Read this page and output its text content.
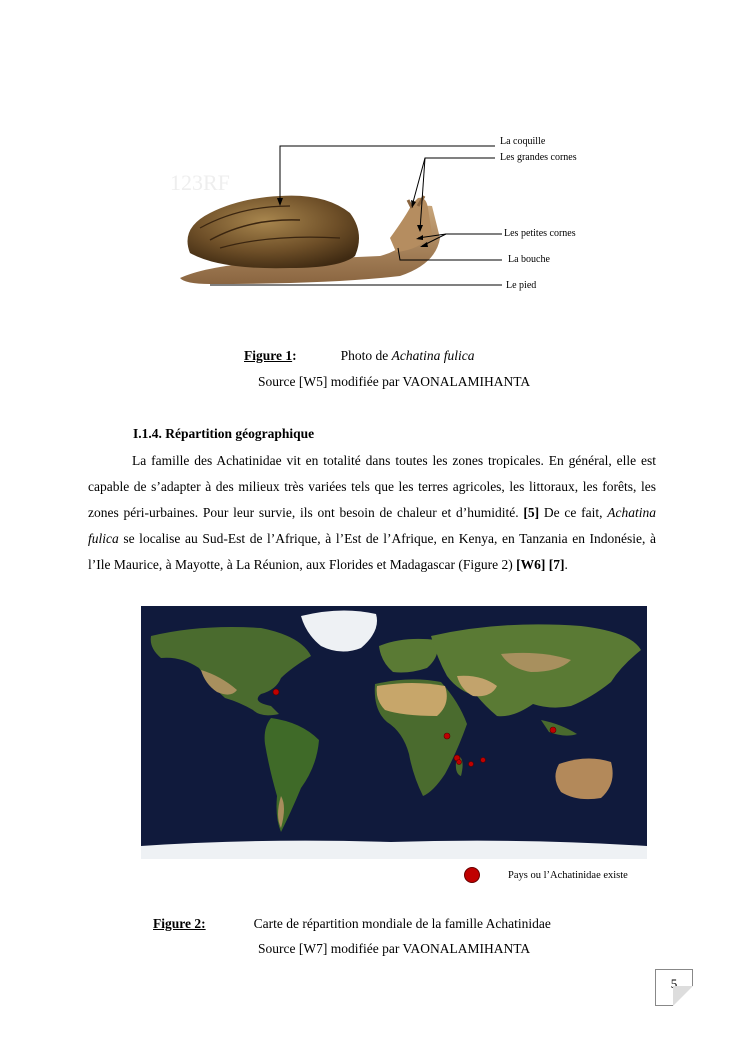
123RF
La coquille
Les grandes cornes
Les petites cornes
La bouche
Le pied
Figure 1:	Photo de Achatina fulica
Source [W5] modifiée par VAONALAMIHANTA
I.1.4. Répartition géographique
La famille des Achatinidae vit en totalité dans toutes les zones tropicales. En général, elle est capable de s’adapter à des milieux très variées tels que les terres agricoles, les littoraux, les forêts, les zones péri-urbaines. Pour leur survie, ils ont besoin de chaleur et d’humidité. [5] De ce fait, Achatina fulica se localise au Sud-Est de l’Afrique, à l’Est de l’Afrique, en Kenya, en Tanzania en Indonésie, à l’Ile Maurice, à Mayotte, à La Réunion, aux Florides et Madagascar (Figure 2) [W6] [7].
Pays ou l’Achatinidae existe
Figure 2:	Carte de répartition mondiale de la famille Achatinidae
Source [W7] modifiée par VAONALAMIHANTA
5
